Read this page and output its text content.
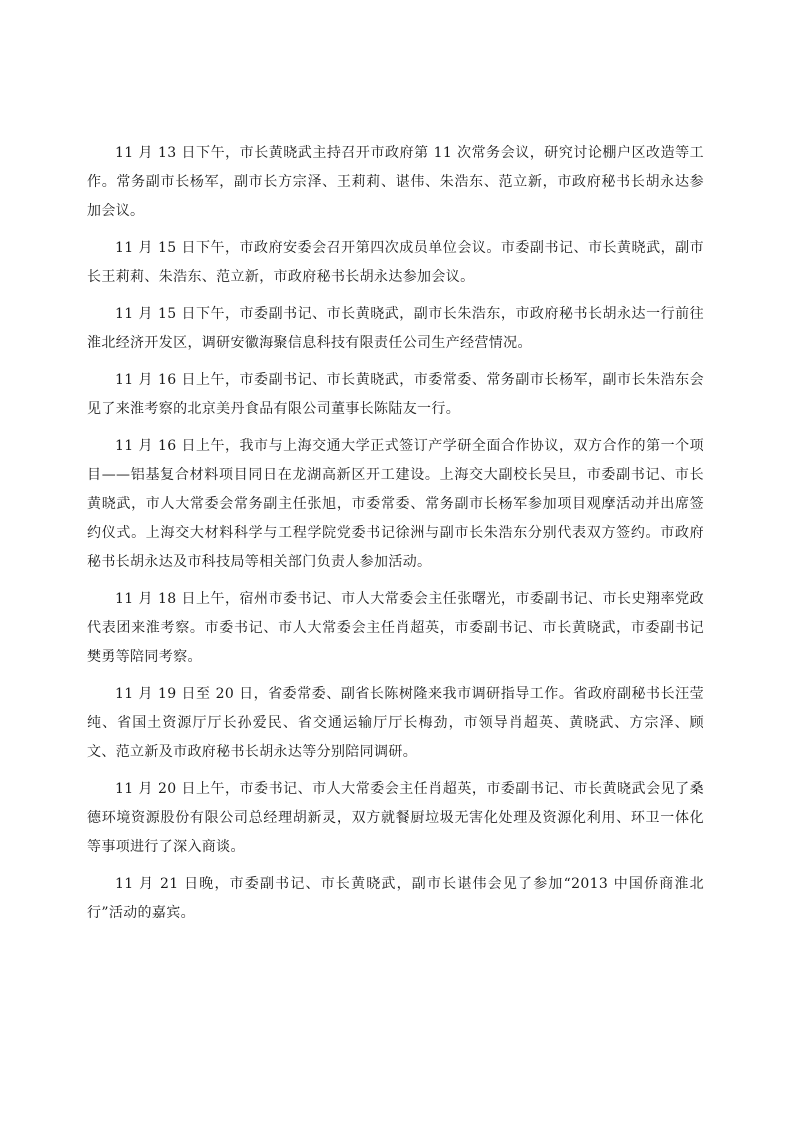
11 月 13 日下午，市长黄晓武主持召开市政府第 11 次常务会议，研究讨论棚户区改造等工作。常务副市长杨军，副市长方宗泽、王莉莉、谌伟、朱浩东、范立新，市政府秘书长胡永达参加会议。

11 月 15 日下午，市政府安委会召开第四次成员单位会议。市委副书记、市长黄晓武，副市长王莉莉、朱浩东、范立新，市政府秘书长胡永达参加会议。

11 月 15 日下午，市委副书记、市长黄晓武，副市长朱浩东，市政府秘书长胡永达一行前往淮北经济开发区，调研安徽海聚信息科技有限责任公司生产经营情况。

11 月 16 日上午，市委副书记、市长黄晓武，市委常委、常务副市长杨军，副市长朱浩东会见了来淮考察的北京美丹食品有限公司董事长陈陆友一行。

11 月 16 日上午，我市与上海交通大学正式签订产学研全面合作协议，双方合作的第一个项目——铝基复合材料项目同日在龙湖高新区开工建设。上海交大副校长吴旦，市委副书记、市长黄晓武，市人大常委会常务副主任张旭，市委常委、常务副市长杨军参加项目观摩活动并出席签约仪式。上海交大材料科学与工程学院党委书记徐洲与副市长朱浩东分别代表双方签约。市政府秘书长胡永达及市科技局等相关部门负责人参加活动。

11 月 18 日上午，宿州市委书记、市人大常委会主任张曙光，市委副书记、市长史翔率党政代表团来淮考察。市委书记、市人大常委会主任肖超英，市委副书记、市长黄晓武，市委副书记樊勇等陪同考察。

11 月 19 日至 20 日，省委常委、副省长陈树隆来我市调研指导工作。省政府副秘书长汪莹纯、省国土资源厅厅长孙爱民、省交通运输厅厅长梅劲，市领导肖超英、黄晓武、方宗泽、顾文、范立新及市政府秘书长胡永达等分别陪同调研。

11 月 20 日上午，市委书记、市人大常委会主任肖超英，市委副书记、市长黄晓武会见了桑德环境资源股份有限公司总经理胡新灵，双方就餐厨垃圾无害化处理及资源化利用、环卫一体化等事项进行了深入商谈。

11 月 21 日晚，市委副书记、市长黄晓武，副市长谌伟会见了参加“2013 中国侨商淮北行”活动的嘉宾。
